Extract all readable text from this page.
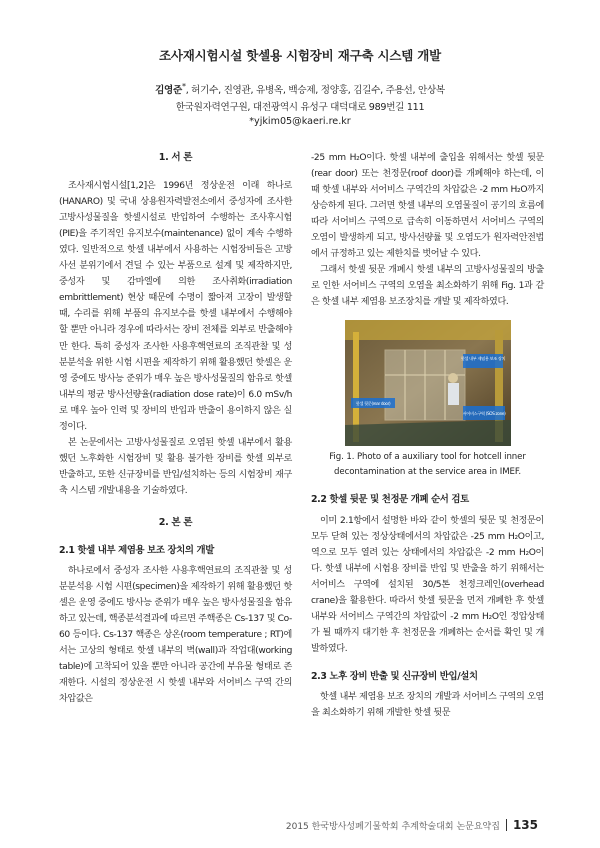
조사재시험시설 핫셀용 시험장비 재구축 시스템 개발
김영준*, 허기수, 진영관, 유병옥, 백승제, 정양홍, 김길수, 주용선, 안상복
한국원자력연구원, 대전광역시 유성구 대덕대로 989번길 111
*yjkim05@kaeri.re.kr
1. 서 론

조사재시험시설[1,2]은 1996년 정상운전 이래 하나로(HANARO) 및 국내 상용원자력발전소에서 중성자에 조사한 고방사성물질을 핫셀시설로 반입하여 수행하는 조사후시험(PIE)을 주기적인 유지보수(maintenance) 없이 계속 수행하였다. 일반적으로 핫셀 내부에서 사용하는 시험장비들은 고방사선 분위기에서 견딜 수 있는 부품으로 설계 및 제작하지만, 중성자 및 감마엘에 의한 조사취화(irradiation embrittlement) 현상 때문에 수명이 짧아져 고장이 발생할 때, 수리를 위해 부품의 유지보수를 핫셀 내부에서 수행해야 할 뿐만 아니라 경우에 따라서는 장비 전체를 외부로 반출해야만 한다. 특히 중성자 조사한 사용후핵연료의 조직관찰 및 성분분석을 위한 시험 시편을 제작하기 위해 활용했던 핫셀은 운영 중에도 방사능 준위가 매우 높은 방사성물질의 함유로 핫셀 내부의 평균 방사선량율(radiation dose rate)이 6.0 mSv/h로 매우 높아 인력 및 장비의 반입과 반출이 용이하지 않은 실정이다.

본 논문에서는 고방사성물질로 오염된 핫셀 내부에서 활용했던 노후화한 시험장비 및 활용 불가한 장비를 핫셀 외부로 반출하고, 또한 신규장비를 반입/설치하는 등의 시험장비 재구축 시스템 개발내용을 기술하였다.

2. 본 론
2.1 핫셀 내부 제염용 보조 장치의 개발

하나로에서 중성자 조사한 사용후핵연료의 조직관찰 및 성분분석용 시험 시편(specimen)을 제작하기 위해 활용했던 핫셀은 운영 중에도 방사능 준위가 매우 높은 방사성물질을 함유하고 있는데, 핵종분석결과에 따르면 주핵종은 Cs-137 및 Co-60 등이다. Cs-137 핵종은 상온(room temperature ; RT)에서는 고상의 형태로 핫셀 내부의 벽(wall)과 작업대(working table)에 고착되어 있을 뿐만 아니라 공간에 부유물 형태로 존재한다. 시설의 정상운전 시 핫셀 내부와 서어비스 구역 간의 차압값은

-25 mm H₂O이다. 핫셀 내부에 출입을 위해서는 핫셀 뒷문(rear door) 또는 천정문(roof door)를 개폐해야 하는데, 이 때 핫셀 내부와 서어비스 구역간의 차압값은 -2 mm H₂O까지 상승하게 된다. 그러면 핫셀 내부의 오염물질이 공기의 흐름에 따라 서어비스 구역으로 급속히 이동하면서 서어비스 구역의 오염이 발생하게 되고, 방사선량률 및 오염도가 원자력안전법에서 규정하고 있는 제한치를 벗어날 수 있다.

그래서 핫셀 뒷문 개폐시 핫셀 내부의 고방사성물질의 방출로 인한 서어비스 구역의 오염을 최소화하기 위해 Fig. 1과 같은 핫셀 내부 제염용 보조장치를 개발 및 제작하였다.

핫셀 내부 제염용 보조 장치
핫셀 뒷문(rear door)
서어비스구역 (SOS zone)
Fig. 1. Photo of a auxiliary tool for hotcell inner decontamination at the service area in IMEF.
2.2 핫셀 뒷문 및 천정문 개폐 순서 검토

이미 2.1항에서 설명한 바와 같이 핫셀의 뒷문 및 천정문이 모두 닫혀 있는 정상상태에서의 차압값은 -25 mm H₂O이고, 역으로 모두 열려 있는 상태에서의 차압값은 -2 mm H₂O이다. 핫셀 내부에 시험용 장비를 반입 및 반출을 하기 위해서는 서어비스 구역에 설치된 30/5톤 천정크레인(overhead crane)을 활용한다. 따라서 핫셀 뒷문을 먼저 개폐한 후 핫셀 내부와 서어비스 구역간의 차압값이 -2 mm H₂O인 정압상태가 될 때까지 대기한 후 천정문을 개폐하는 순서를 확인 및 개발하였다.

2.3 노후 장비 반출 및 신규장비 반입/설치

핫셀 내부 제염용 보조 장치의 개발과 서어비스 구역의 오염을 최소화하기 위해 개발한 핫셀 뒷문

2015 한국방사성폐기물학회 추계학술대회 논문요약집 135
